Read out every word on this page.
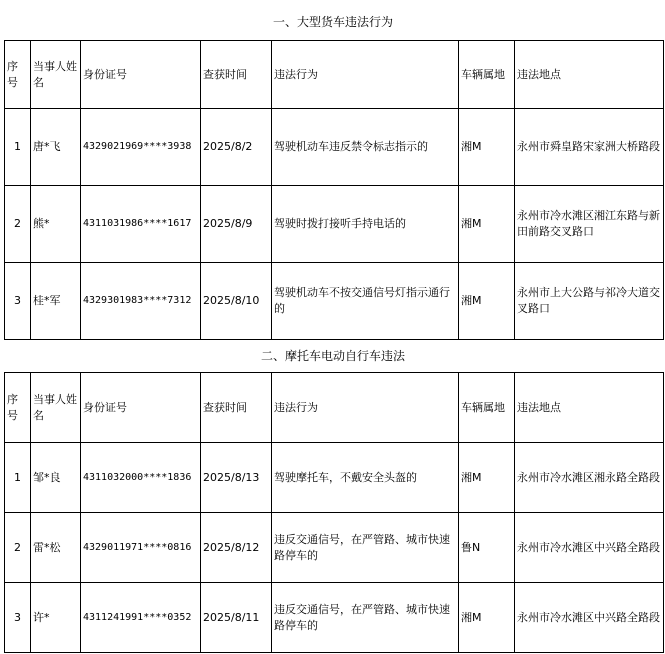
一、大型货车违法行为
序号	当事人姓名	身份证号	查获时间	违法行为	车辆属地	违法地点
1	唐*飞	4329021969****3938	2025/8/2	驾驶机动车违反禁令标志指示的	湘M	永州市舜皇路宋家洲大桥路段
2	熊*	4311031986****1617	2025/8/9	驾驶时拨打接听手持电话的	湘M	永州市冷水滩区湘江东路与新田前路交叉路口
3	桂*军	4329301983****7312	2025/8/10	驾驶机动车不按交通信号灯指示通行的	湘M	永州市上大公路与祁冷大道交叉路口
二、摩托车电动自行车违法
序号	当事人姓名	身份证号	查获时间	违法行为	车辆属地	违法地点
1	邹*良	4311032000****1836	2025/8/13	驾驶摩托车，不戴安全头盔的	湘M	永州市冷水滩区湘永路全路段
2	雷*松	4329011971****0816	2025/8/12	违反交通信号，在严管路、城市快速路停车的	鲁N	永州市冷水滩区中兴路全路段
3	许*	4311241991****0352	2025/8/11	违反交通信号，在严管路、城市快速路停车的	湘M	永州市冷水滩区中兴路全路段
